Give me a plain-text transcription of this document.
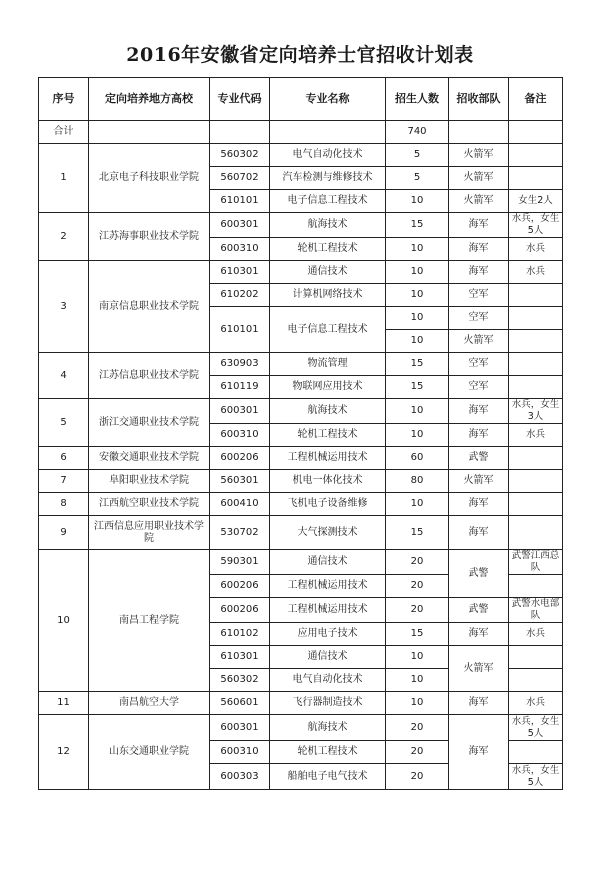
2016年安徽省定向培养士官招收计划表
序号	定向培养地方高校	专业代码	专业名称	招生人数	招收部队	备注
合计				740		
1	北京电子科技职业学院	560302	电气自动化技术	5	火箭军	
		560702	汽车检测与维修技术	5	火箭军	
		610101	电子信息工程技术	10	火箭军	女生2人
2	江苏海事职业技术学院	600301	航海技术	15	海军	水兵，女生5人
		600310	轮机工程技术	10	海军	水兵
3	南京信息职业技术学院	610301	通信技术	10	海军	水兵
		610202	计算机网络技术	10	空军	
		610101	电子信息工程技术	10	空军	
				10	火箭军	
4	江苏信息职业技术学院	630903	物流管理	15	空军	
		610119	物联网应用技术	15	空军	
5	浙江交通职业技术学院	600301	航海技术	10	海军	水兵，女生3人
		600310	轮机工程技术	10	海军	水兵
6	安徽交通职业技术学院	600206	工程机械运用技术	60	武警	
7	阜阳职业技术学院	560301	机电一体化技术	80	火箭军	
8	江西航空职业技术学院	600410	飞机电子设备维修	10	海军	
9	江西信息应用职业技术学院	530702	大气探测技术	15	海军	
10	南昌工程学院	590301	通信技术	20	武警	武警江西总队
		600206	工程机械运用技术	20		
		600206	工程机械运用技术	20	武警	武警水电部队
		610102	应用电子技术	15	海军	水兵
		610301	通信技术	10	火箭军	
		560302	电气自动化技术	10		
11	南昌航空大学	560601	飞行器制造技术	10	海军	水兵
12	山东交通职业学院	600301	航海技术	20	海军	水兵，女生5人
		600310	轮机工程技术	20		
		600303	船舶电子电气技术	20		水兵，女生5人
